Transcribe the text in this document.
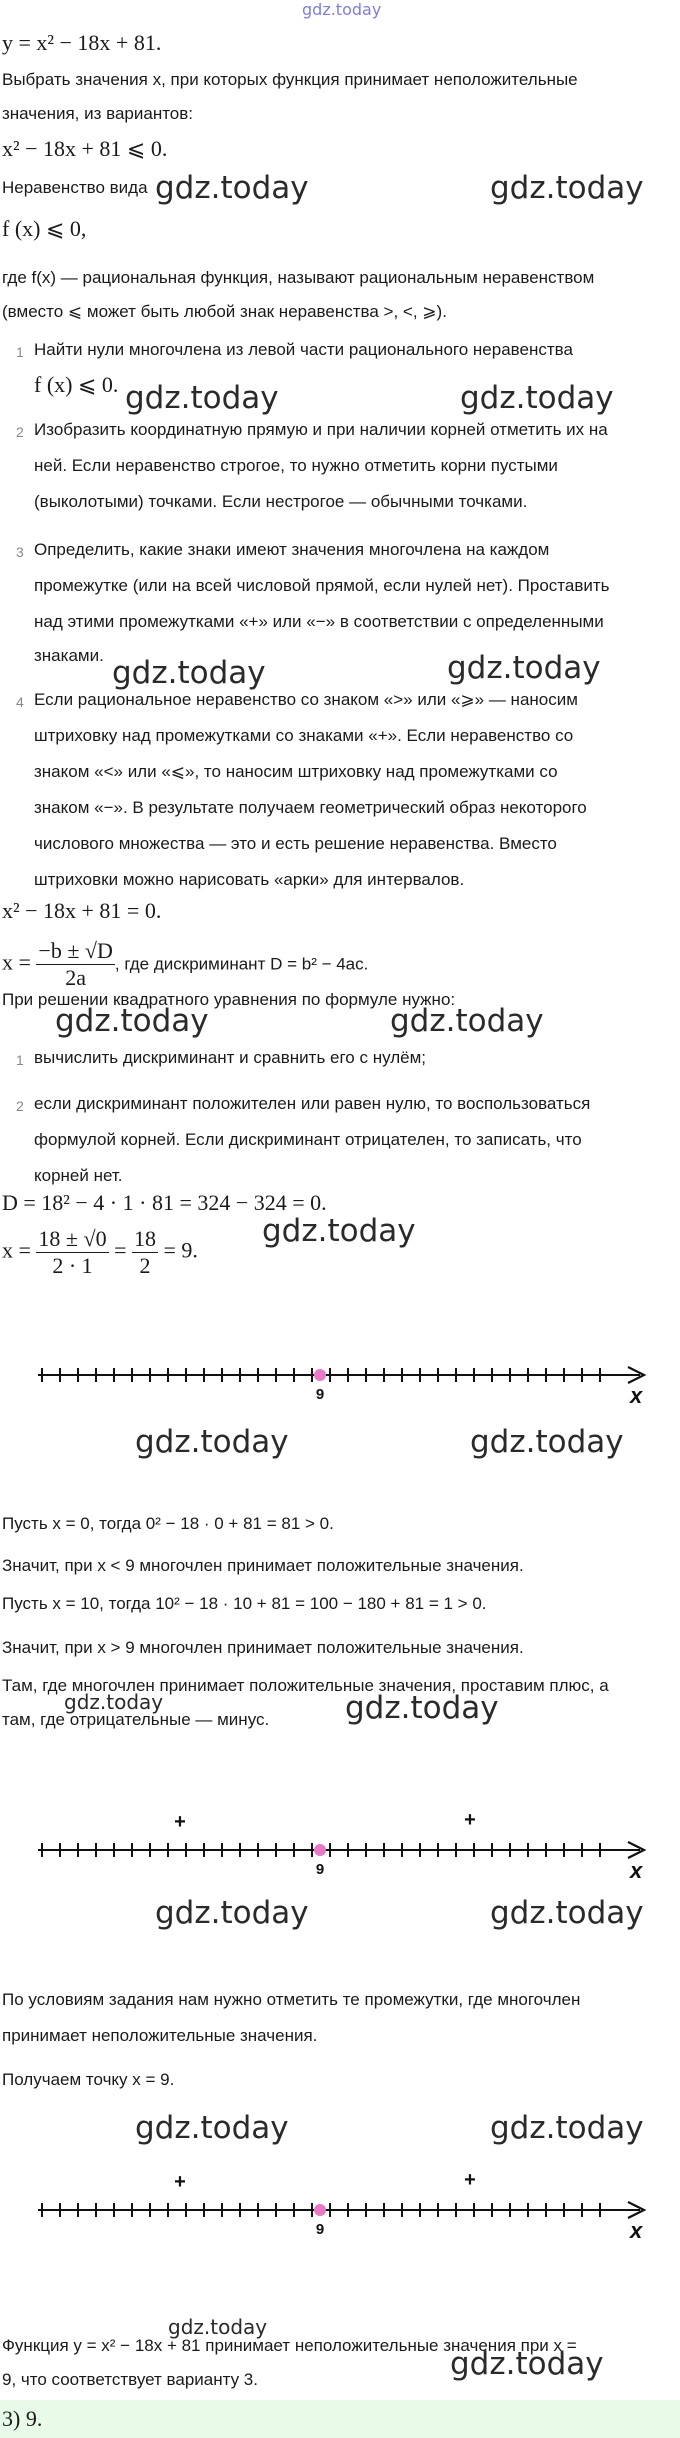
gdz.today
y = x² − 18x + 81.
Выбрать значения x, при которых функция принимает неположительные
значения, из вариантов:
x² − 18x + 81 ⩽ 0.
Неравенство вида gdz.today	gdz.today
f (x) ⩽ 0,
где f(x) — рациональная функция, называют рациональным неравенством
(вместо ⩽ может быть любой знак неравенства >, <, ⩾).
1 Найти нули многочлена из левой части рационального неравенства
f (x) ⩽ 0. gdz.today	gdz.today
2 Изобразить координатную прямую и при наличии корней отметить их на
ней. Если неравенство строгое, то нужно отметить корни пустыми
(выколотыми) точками. Если нестрогое — обычными точками.
3 Определить, какие знаки имеют значения многочлена на каждом
промежутке (или на всей числовой прямой, если нулей нет). Проставить
над этими промежутками «+» или «−» в соответствии с определенными
знаками. gdz.today	gdz.today
4 Если рациональное неравенство со знаком «>» или «⩾» — наносим
штриховку над промежутками со знаками «+». Если неравенство со
знаком «<» или «⩽», то наносим штриховку над промежутками со
знаком «−». В результате получаем геометрический образ некоторого
числового множества — это и есть решение неравенства. Вместо
штриховки можно нарисовать «арки» для интервалов.
x² − 18x + 81 = 0.
$x = \frac{-b \pm √D}{2a}$ , где дискриминант D = b² − 4ac.
При решении квадратного уравнения по формуле нужно:
gdz.today	gdz.today
1 вычислить дискриминант и сравнить его с нулём;
2 если дискриминант положителен или равен нулю, то воспользоваться
формулой корней. Если дискриминант отрицателен, то записать, что
корней нет.
D = 18² − 4 · 1 · 81 = 324 − 324 = 0.
$x = \frac{18 \pm √0}{2 \cdot 1} = \frac{18}{2} = 9$.
gdz.today
9	x
gdz.today	gdz.today
Пусть x = 0, тогда 0² − 18 · 0 + 81 = 81 > 0.
Значит, при x < 9 многочлен принимает положительные значения.
Пусть x = 10, тогда 10² − 18 · 10 + 81 = 100 − 180 + 81 = 1 > 0.
Значит, при x > 9 многочлен принимает положительные значения.
Там, где многочлен принимает положительные значения, проставим плюс, а
gdz.today	gdz.today
там, где отрицательные — минус.
9	x
+	+
gdz.today	gdz.today
По условиям задания нам нужно отметить те промежутки, где многочлен
принимает неположительные значения.
Получаем точку x = 9.
gdz.today	gdz.today
9	x
+	+
gdz.today
Функция y = x² − 18x + 81 принимает неположительные значения при x =
gdz.today
9, что соответствует варианту 3.
3) 9.
